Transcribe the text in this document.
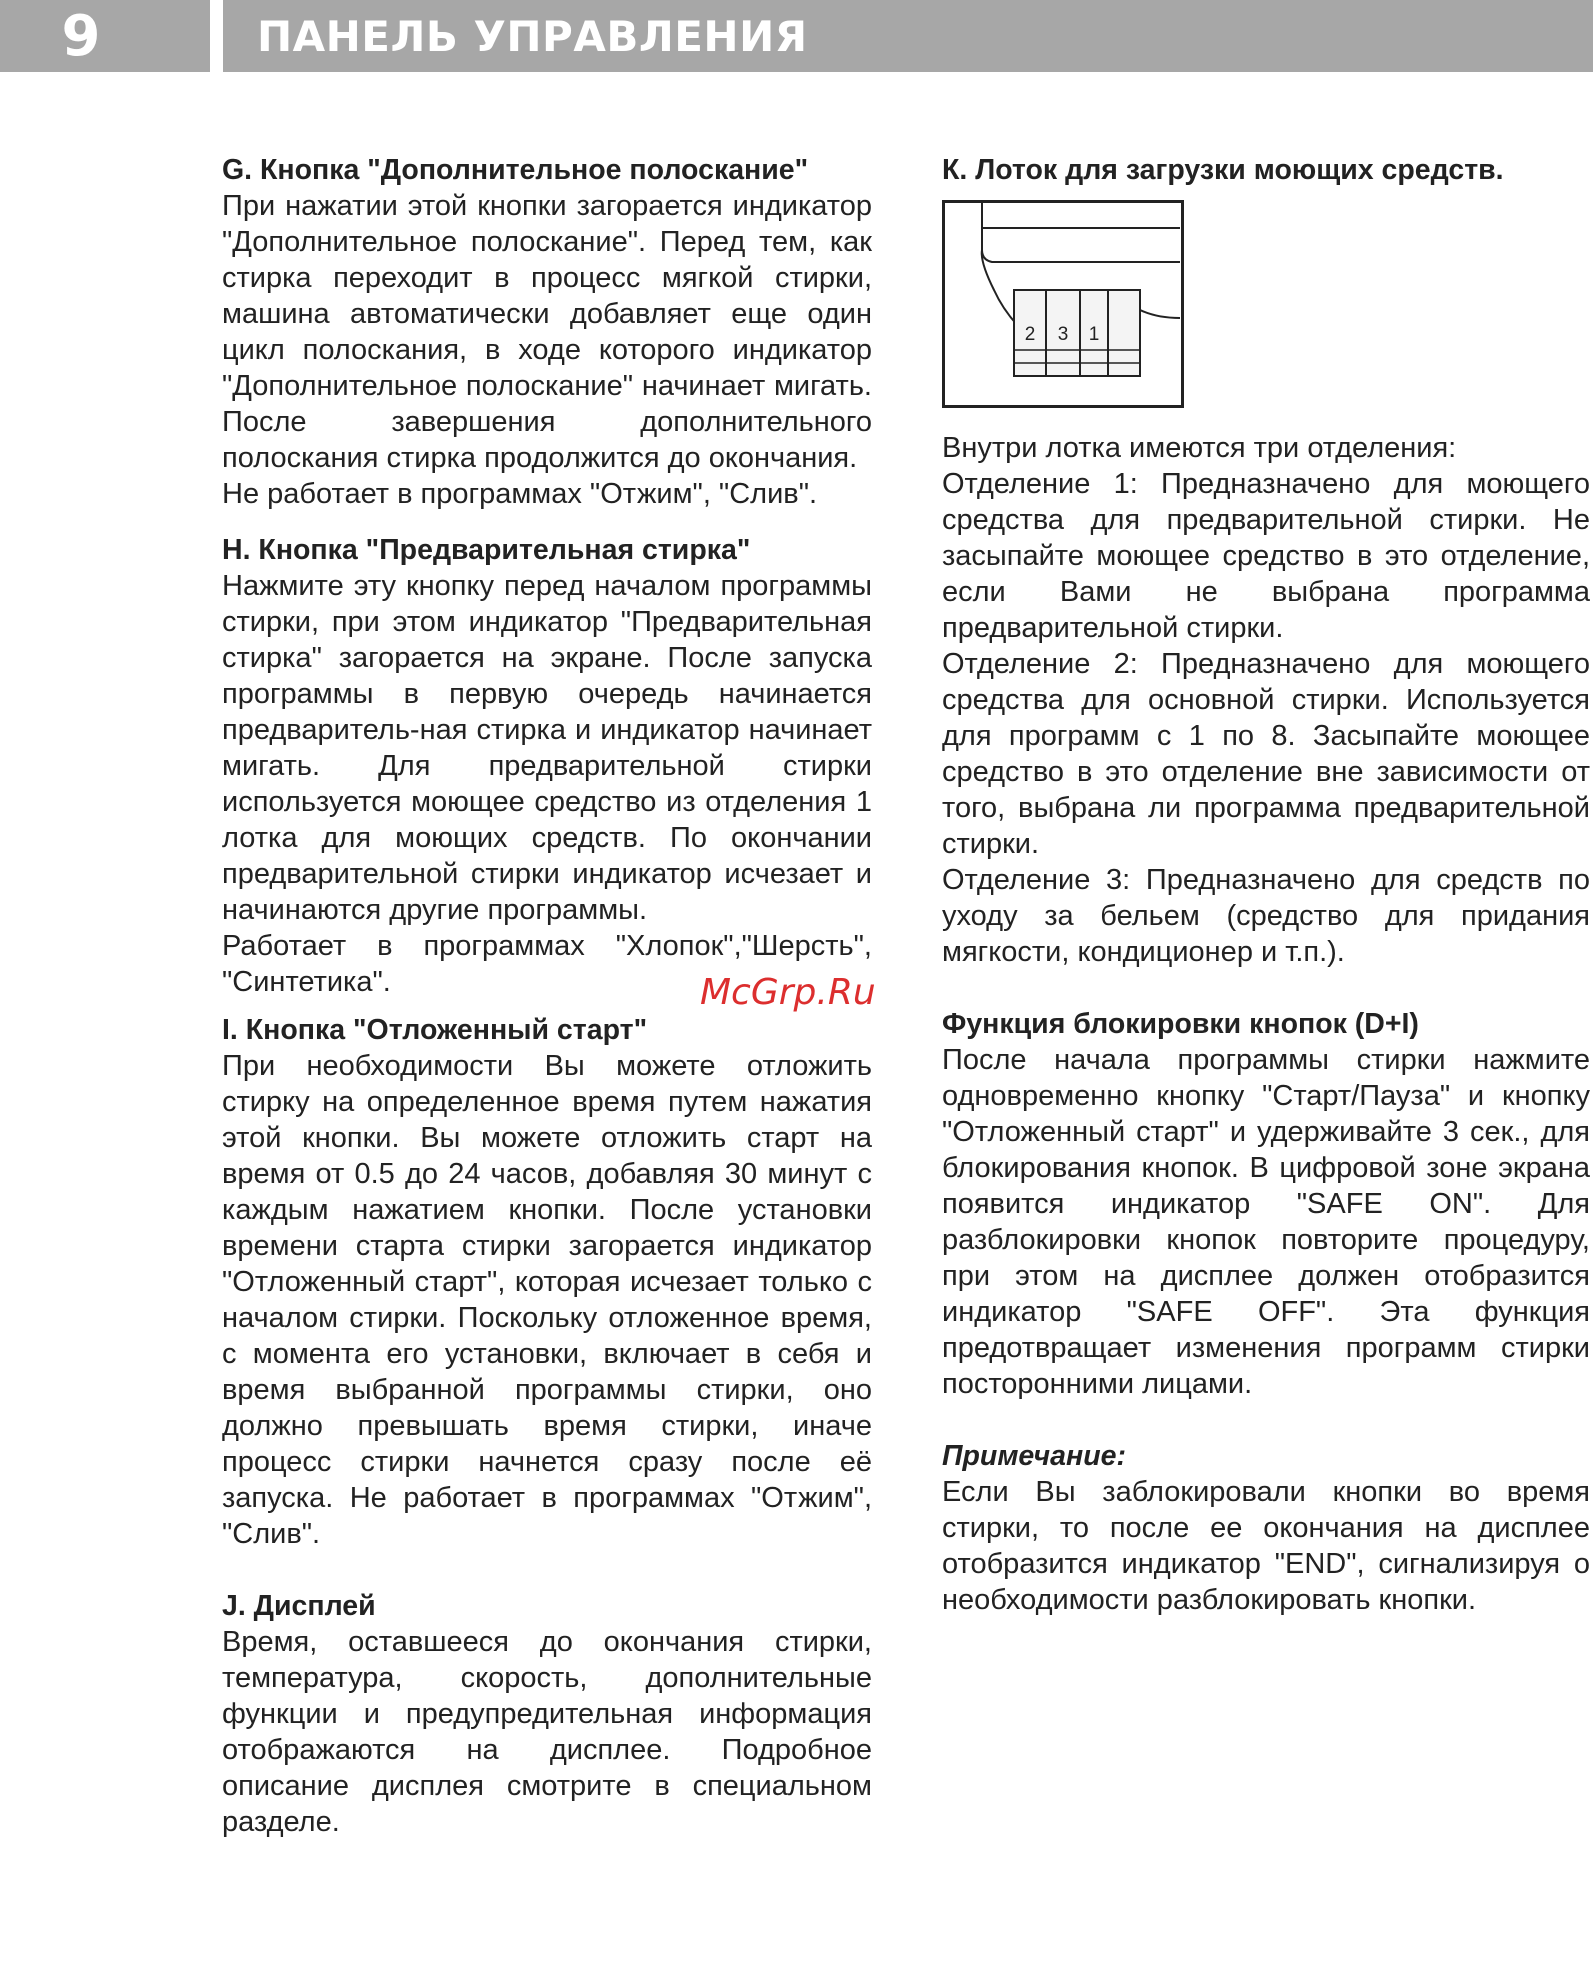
9	ПАНЕЛЬ УПРАВЛЕНИЯ

G. Кнопка "Дополнительное полоскание"

При нажатии этой кнопки загорается индикатор "Дополнительное полоскание". Перед тем, как стирка переходит в процесс мягкой стирки, машина автоматически добавляет еще один цикл полоскания, в ходе которого индикатор "Дополнительное полоскание" начинает мигать. После завершения дополнительного полоскания стирка продолжится до окончания.

Не работает в программах "Отжим", "Слив".

Н. Кнопка "Предварительная стирка"

Нажмите эту кнопку перед началом программы стирки, при этом индикатор "Предварительная стирка" загорается на экране. После запуска программы в первую очередь начинается предваритель-ная стирка и индикатор начинает мигать. Для предварительной стирки используется моющее средство из отделения 1 лотка для моющих средств. По окончании предварительной стирки индикатор исчезает и начинаются другие программы.

Работает в программах "Хлопок","Шерсть", "Синтетика".

I. Кнопка "Отложенный старт"

При необходимости Вы можете отложить стирку на определенное время путем нажатия этой кнопки. Вы можете отложить старт на время от 0.5 до 24 часов, добавляя 30 минут с каждым нажатием кнопки. После установки времени старта стирки загорается индикатор "Отложенный старт", которая исчезает только с началом стирки. Поскольку отложенное время, с момента его установки, включает в себя и время выбранной программы стирки, оно должно превышать время стирки, иначе процесс стирки начнется сразу после её запуска. Не работает в программах "Отжим", "Слив".

J. Дисплей

Время, оставшееся до окончания стирки, температура, скорость, дополнительные функции и предупредительная информация отображаются на дисплее. Подробное описание дисплея смотрите в специальном разделе.

К. Лоток для загрузки моющих средств.

2 3 1

Внутри лотка имеются три отделения:

Отделение 1: Предназначено для моющего средства для предварительной стирки. Не засыпайте моющее средство в это отделение, если Вами не выбрана программа предварительной стирки.

Отделение 2: Предназначено для моющего средства для основной стирки. Используется для программ с 1 по 8. Засыпайте моющее средство в это отделение вне зависимости от того, выбрана ли программа предварительной стирки.

Отделение 3: Предназначено для средств по уходу за бельем (средство для придания мягкости, кондиционер и т.п.).

Функция блокировки кнопок (D+I)

После начала программы стирки нажмите одновременно кнопку "Старт/Пауза" и кнопку "Отложенный старт" и удерживайте 3 сек., для блокирования кнопок. В цифровой зоне экрана появится индикатор "SAFE ON". Для разблокировки кнопок повторите процедуру, при этом на дисплее должен отобразится индикатор "SAFE OFF". Эта функция предотвращает изменения программ стирки посторонними лицами.

Примечание:

Если Вы заблокировали кнопки во время стирки, то после ее окончания на дисплее отобразится индикатор "END", сигнализируя о необходимости разблокировать кнопки.

McGrp.Ru
